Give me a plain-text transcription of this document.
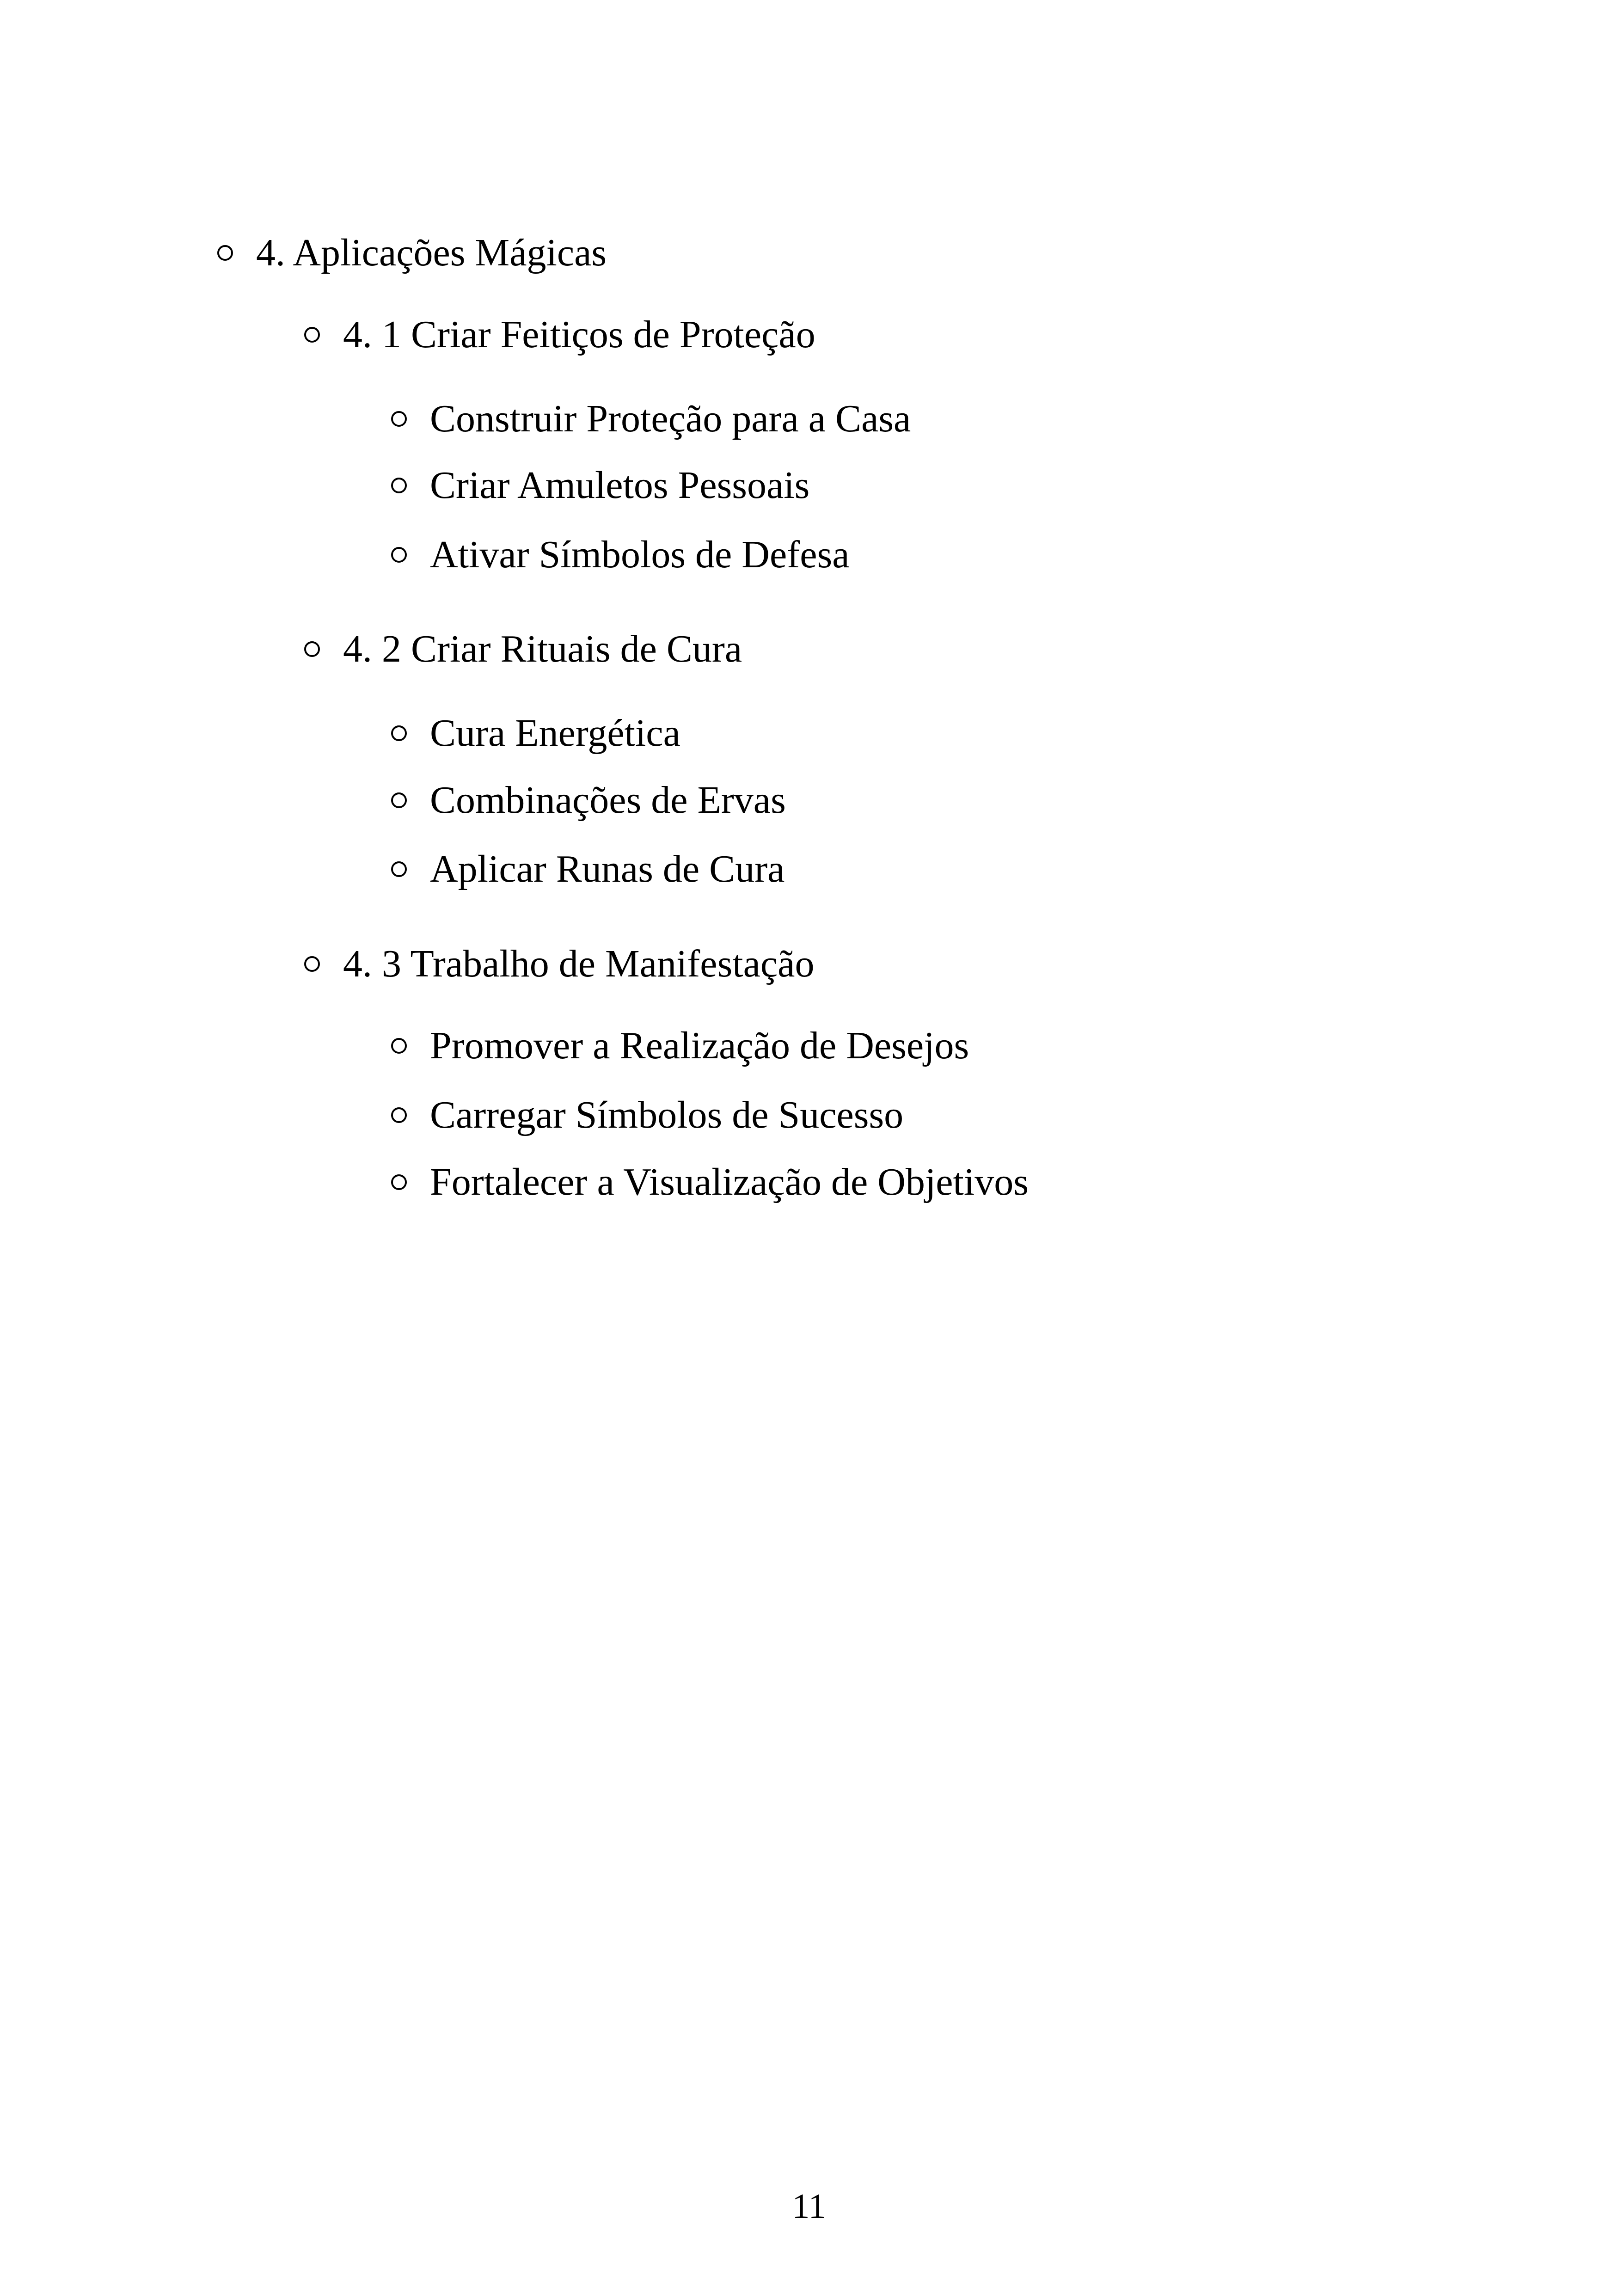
4. Aplicações Mágicas
4. 1 Criar Feitiços de Proteção
Construir Proteção para a Casa
Criar Amuletos Pessoais
Ativar Símbolos de Defesa
4. 2 Criar Rituais de Cura
Cura Energética
Combinações de Ervas
Aplicar Runas de Cura
4. 3 Trabalho de Manifestação
Promover a Realização de Desejos
Carregar Símbolos de Sucesso
Fortalecer a Visualização de Objetivos
11
